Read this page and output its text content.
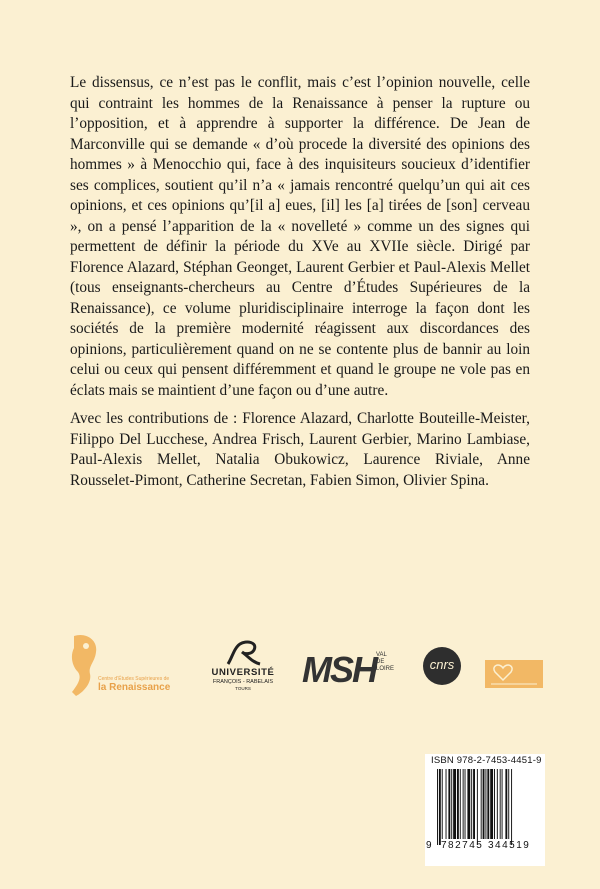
Le dissensus, ce n’est pas le conflit, mais c’est l’opinion nouvelle, celle qui contraint les hommes de la Renaissance à penser la rupture ou l’opposition, et à apprendre à supporter la différence. De Jean de Marconville qui se demande « d’où procede la diversité des opinions des hommes » à Menocchio qui, face à des inquisiteurs soucieux d’identifier ses complices, soutient qu’il n’a « jamais rencontré quelqu’un qui ait ces opinions, et ces opinions qu’[il a] eues, [il] les [a] tirées de [son] cerveau », on a pensé l’apparition de la « novelleté » comme un des signes qui permettent de définir la période du XVe au XVIIe siècle. Dirigé par Florence Alazard, Stéphan Geonget, Laurent Gerbier et Paul-Alexis Mellet (tous enseignants-chercheurs au Centre d’Études Supérieures de la Renaissance), ce volume pluridisciplinaire interroge la façon dont les sociétés de la première modernité réagissent aux discordances des opinions, particulièrement quand on ne se contente plus de bannir au loin celui ou ceux qui pensent différemment et quand le groupe ne vole pas en éclats mais se maintient d’une façon ou d’une autre.

Avec les contributions de : Florence Alazard, Charlotte Bouteille-Meister, Filippo Del Lucchese, Andrea Frisch, Laurent Gerbier, Marino Lambiase, Paul-Alexis Mellet, Natalia Obukowicz, Laurence Riviale, Anne Rousselet-Pimont, Catherine Secretan, Fabien Simon, Olivier Spina.

Centre d’Études Supérieures de
la Renaissance
UNIVERSITÉ
FRANÇOIS - RABELAIS
TOURS	MSH VAL DE LOIRE	cnrs
ISBN 978-2-7453-4451-9
9 782745 344519
